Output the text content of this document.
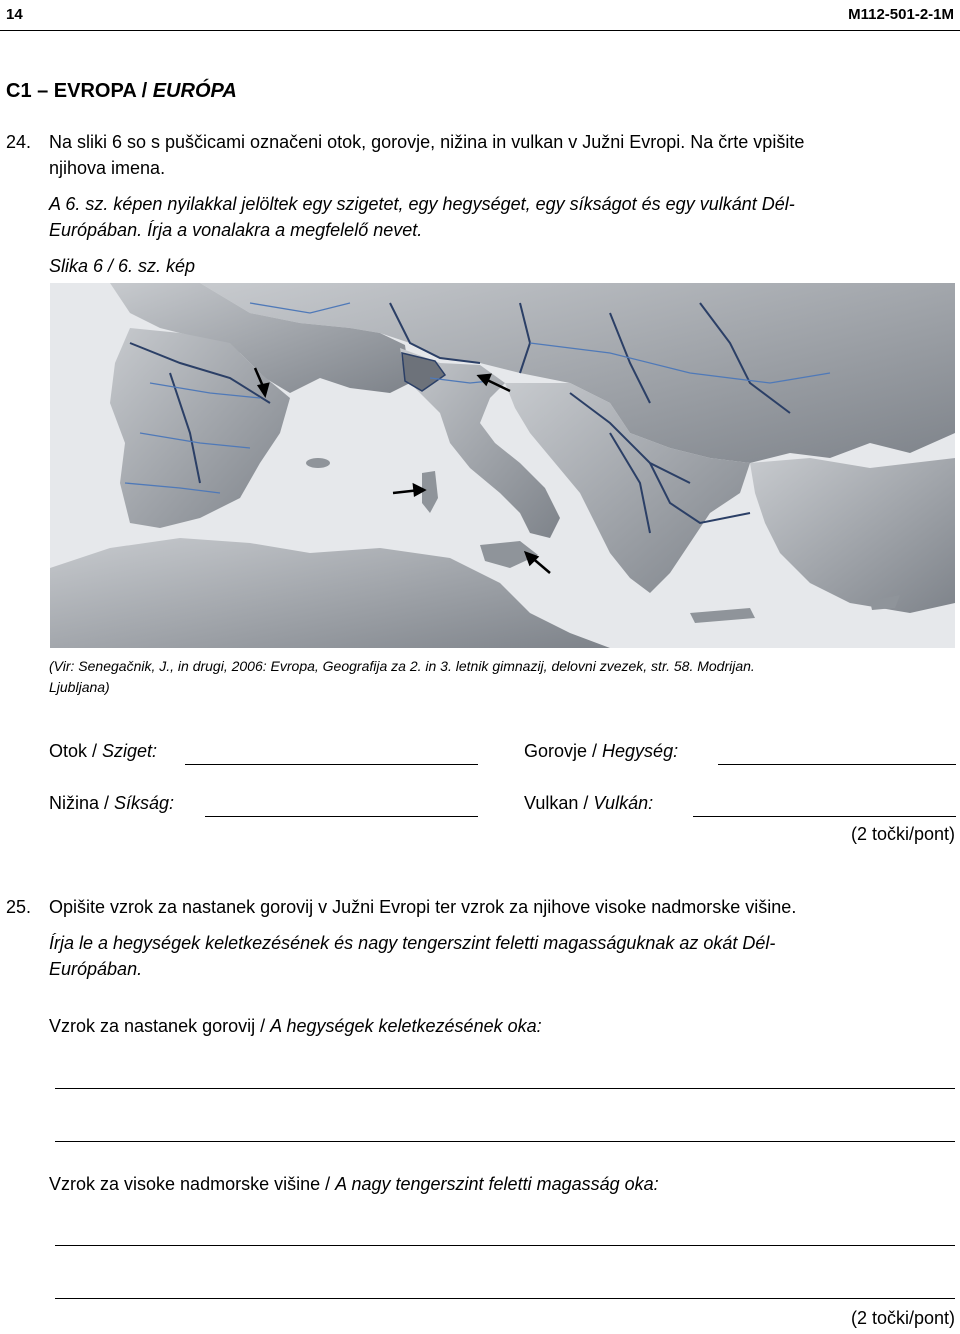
14	M112-501-2-1M
C1 – EVROPA / EURÓPA
24. Na sliki 6 so s puščicami označeni otok, gorovje, nižina in vulkan v Južni Evropi. Na črte vpišite
njihova imena.
A 6. sz. képen nyilakkal jelöltek egy szigetet, egy hegységet, egy síkságot és egy vulkánt Dél-
Európában. Írja a vonalakra a megfelelő nevet.
Slika 6 / 6. sz. kép
(Vir: Senegačnik, J., in drugi, 2006: Evropa, Geografija za 2. in 3. letnik gimnazij, delovni zvezek, str. 58. Modrijan.
Ljubljana)
Otok / Sziget:	Gorovje / Hegység:
Nižina / Síkság:	Vulkan / Vulkán:
(2 točki/pont)
25. Opišite vzrok za nastanek gorovij v Južni Evropi ter vzrok za njihove visoke nadmorske višine.
Írja le a hegységek keletkezésének és nagy tengerszint feletti magasságuknak az okát Dél-
Európában.
Vzrok za nastanek gorovij / A hegységek keletkezésének oka:
Vzrok za visoke nadmorske višine / A nagy tengerszint feletti magasság oka:
(2 točki/pont)
